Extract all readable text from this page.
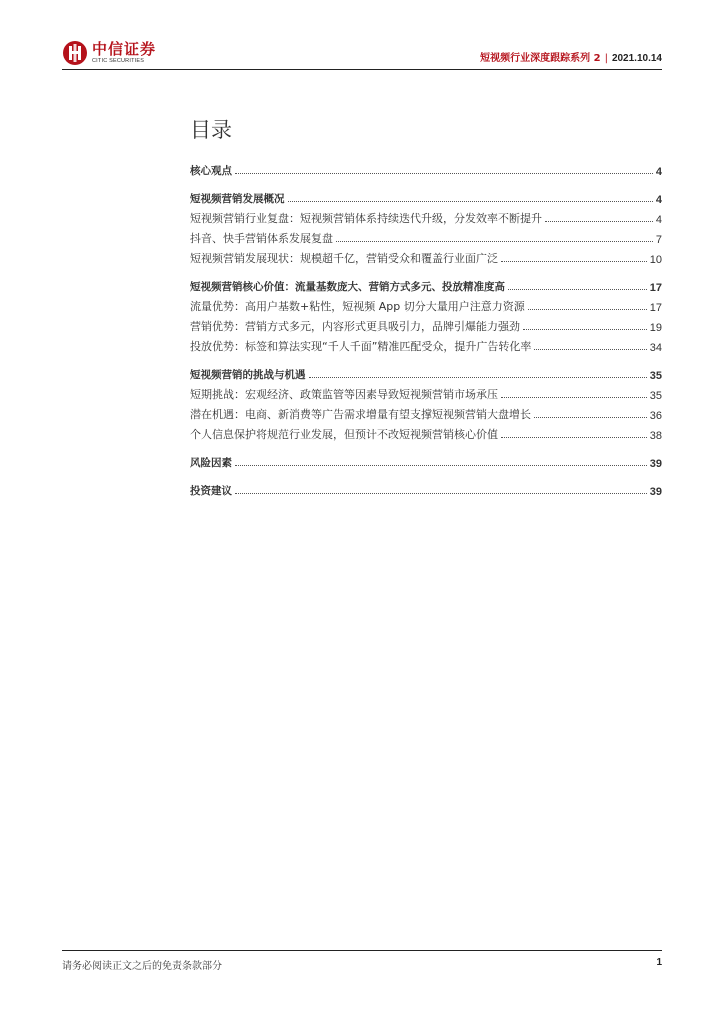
中信证券
CITIC SECURITIES	短视频行业深度跟踪系列 2 | 2021.10.14
目录
核心观点	4
短视频营销发展概况	4
短视频营销行业复盘：短视频营销体系持续迭代升级，分发效率不断提升	4
抖音、快手营销体系发展复盘	7
短视频营销发展现状：规模超千亿，营销受众和覆盖行业面广泛	10
短视频营销核心价值：流量基数庞大、营销方式多元、投放精准度高	17
流量优势：高用户基数+粘性，短视频 App 切分大量用户注意力资源	17
营销优势：营销方式多元，内容形式更具吸引力，品牌引爆能力强劲	19
投放优势：标签和算法实现“千人千面”精准匹配受众，提升广告转化率	34
短视频营销的挑战与机遇	35
短期挑战：宏观经济、政策监管等因素导致短视频营销市场承压	35
潜在机遇：电商、新消费等广告需求增量有望支撑短视频营销大盘增长	36
个人信息保护将规范行业发展，但预计不改短视频营销核心价值	38
风险因素	39
投资建议	39
请务必阅读正文之后的免责条款部分	1
